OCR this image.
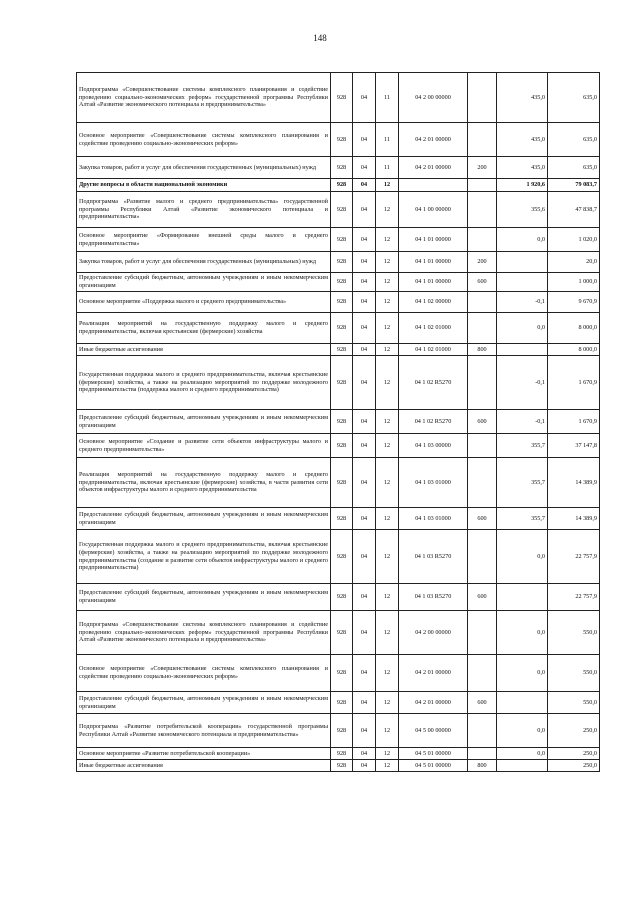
148
Подпрограмма «Совершенствование системы комплексного планирования и содействие проведению социально-экономических реформ» государственной программы Республики Алтай «Развитие экономического потенциала и предпринимательства»	928	04	11	04 2 00 00000		435,0	635,0
Основное мероприятие «Совершенствование системы комплексного планирования и содействие проведению социально-экономических реформ»	928	04	11	04 2 01 00000		435,0	635,0
Закупка товаров, работ и услуг для обеспечения государственных (муниципальных) нужд	928	04	11	04 2 01 00000	200	435,0	635,0
Другие вопросы в области национальной экономики	928	04	12			1 920,6	79 083,7
Подпрограмма «Развитие малого и среднего предпринимательства» государственной программы Республики Алтай «Развитие экономического потенциала и предпринимательства»	928	04	12	04 1 00 00000		355,6	47 838,7
Основное мероприятие «Формирование внешней среды малого и среднего предпринимательства»	928	04	12	04 1 01 00000		0,0	1 020,0
Закупка товаров, работ и услуг для обеспечения государственных (муниципальных) нужд	928	04	12	04 1 01 00000	200		20,0
Предоставление субсидий бюджетным, автономным учреждениям и иным некоммерческим организациям	928	04	12	04 1 01 00000	600		1 000,0
Основное мероприятие «Поддержка малого и среднего предпринимательства»	928	04	12	04 1 02 00000		-0,1	9 670,9
Реализация мероприятий на государственную поддержку малого и среднего предпринимательства, включая крестьянские (фермерские) хозяйства	928	04	12	04 1 02 01000		0,0	8 000,0
Иные бюджетные ассигнования	928	04	12	04 1 02 01000	800		8 000,0
Государственная поддержка малого и среднего предпринимательства, включая крестьянские (фермерские) хозяйства, а также на реализацию мероприятий по поддержке молодежного предпринимательства (поддержка малого и среднего предпринимательства)	928	04	12	04 1 02 R5270		-0,1	1 670,9
Предоставление субсидий бюджетным, автономным учреждениям и иным некоммерческим организациям	928	04	12	04 1 02 R5270	600	-0,1	1 670,9
Основное мероприятие «Создание и развитие сети объектов инфраструктуры малого и среднего предпринимательства»	928	04	12	04 1 03 00000		355,7	37 147,8
Реализация мероприятий на государственную поддержку малого и среднего предпринимательства, включая крестьянские (фермерские) хозяйства, в части развития сети объектов инфраструктуры малого и среднего предпринимательства	928	04	12	04 1 03 01000		355,7	14 389,9
Предоставление субсидий бюджетным, автономным учреждениям и иным некоммерческим организациям	928	04	12	04 1 03 01000	600	355,7	14 389,9
Государственная поддержка малого и среднего предпринимательства, включая крестьянские (фермерские) хозяйства, а также на реализацию мероприятий по поддержке молодежного предпринимательства (создание и развитие сети объектов инфраструктуры малого и среднего предпринимательства)	928	04	12	04 1 03 R5270		0,0	22 757,9
Предоставление субсидий бюджетным, автономным учреждениям и иным некоммерческим организациям	928	04	12	04 1 03 R5270	600		22 757,9
Подпрограмма «Совершенствование системы комплексного планирования и содействие проведению социально-экономических реформ» государственной программы Республики Алтай «Развитие экономического потенциала и предпринимательства»	928	04	12	04 2 00 00000		0,0	550,0
Основное мероприятие «Совершенствование системы комплексного планирования и содействие проведению социально-экономических реформ»	928	04	12	04 2 01 00000		0,0	550,0
Предоставление субсидий бюджетным, автономным учреждениям и иным некоммерческим организациям	928	04	12	04 2 01 00000	600		550,0
Подпрограмма «Развитие потребительской кооперации» государственной программы Республики Алтай «Развитие экономического потенциала и предпринимательства»	928	04	12	04 5 00 00000		0,0	250,0
Основное мероприятие «Развитие потребительской кооперации»	928	04	12	04 5 01 00000		0,0	250,0
Иные бюджетные ассигнования	928	04	12	04 5 01 00000	800		250,0
